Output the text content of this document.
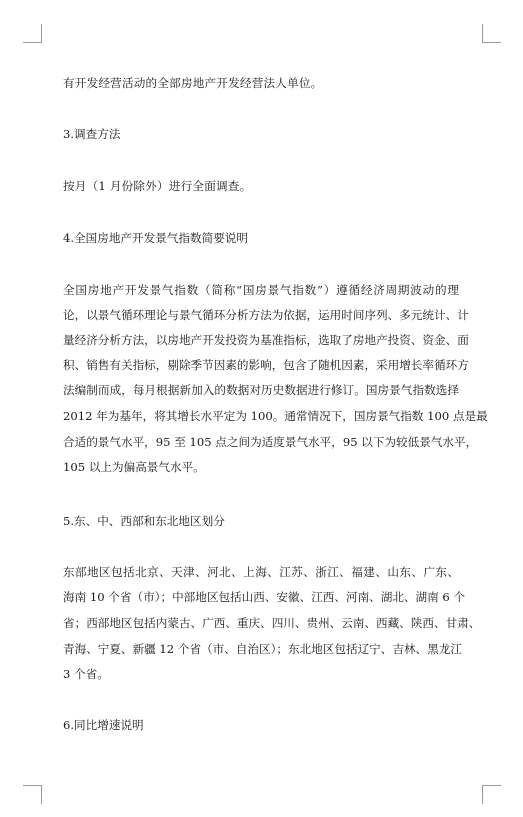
有开发经营活动的全部房地产开发经营法人单位。
3.调查方法
按月（1 月份除外）进行全面调查。
4.全国房地产开发景气指数简要说明
全国房地产开发景气指数（简称“国房景气指数”）遵循经济周期波动的理
论，以景气循环理论与景气循环分析方法为依据，运用时间序列、多元统计、计
量经济分析方法，以房地产开发投资为基准指标，选取了房地产投资、资金、面
积、销售有关指标，剔除季节因素的影响，包含了随机因素，采用增长率循环方
法编制而成，每月根据新加入的数据对历史数据进行修订。国房景气指数选择
2012 年为基年，将其增长水平定为 100。通常情况下，国房景气指数 100 点是最
合适的景气水平，95 至 105 点之间为适度景气水平，95 以下为较低景气水平，
105 以上为偏高景气水平。
5.东、中、西部和东北地区划分
东部地区包括北京、天津、河北、上海、江苏、浙江、福建、山东、广东、
海南 10 个省（市）；中部地区包括山西、安徽、江西、河南、湖北、湖南 6 个
省；西部地区包括内蒙古、广西、重庆、四川、贵州、云南、西藏、陕西、甘肃、
青海、宁夏、新疆 12 个省（市、自治区）；东北地区包括辽宁、吉林、黑龙江
3 个省。
6.同比增速说明
